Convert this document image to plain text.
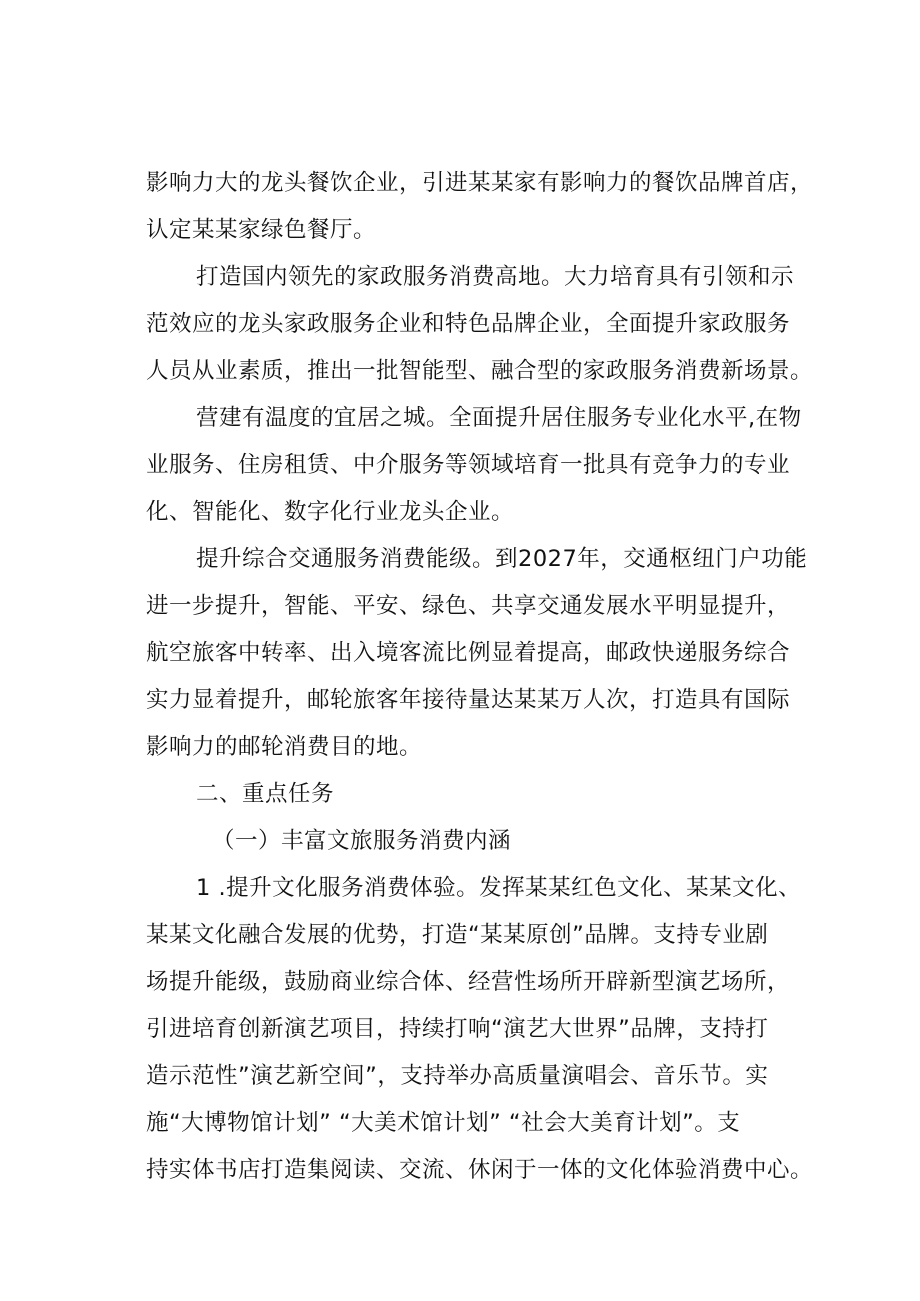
影响力大的龙头餐饮企业，引进某某家有影响力的餐饮品牌首店，
认定某某家绿色餐厅。

打造国内领先的家政服务消费高地。大力培育具有引领和示
范效应的龙头家政服务企业和特色品牌企业，全面提升家政服务
人员从业素质，推出一批智能型、融合型的家政服务消费新场景。

营建有温度的宜居之城。全面提升居住服务专业化水平,在物
业服务、住房租赁、中介服务等领域培育一批具有竞争力的专业
化、智能化、数字化行业龙头企业。

提升综合交通服务消费能级。到2027年，交通枢纽门户功能
进一步提升，智能、平安、绿色、共享交通发展水平明显提升，
航空旅客中转率、出入境客流比例显着提高，邮政快递服务综合
实力显着提升，邮轮旅客年接待量达某某万人次，打造具有国际
影响力的邮轮消费目的地。

二、重点任务

（一）丰富文旅服务消费内涵

1 .提升文化服务消费体验。发挥某某红色文化、某某文化、
某某文化融合发展的优势，打造“某某原创”品牌。支持专业剧
场提升能级，鼓励商业综合体、经营性场所开辟新型演艺场所，
引进培育创新演艺项目，持续打响“演艺大世界”品牌，支持打
造示范性”演艺新空间”，支持举办高质量演唱会、音乐节。实
施“大博物馆计划” “大美术馆计划” “社会大美育计划”。支
持实体书店打造集阅读、交流、休闲于一体的文化体验消费中心。
